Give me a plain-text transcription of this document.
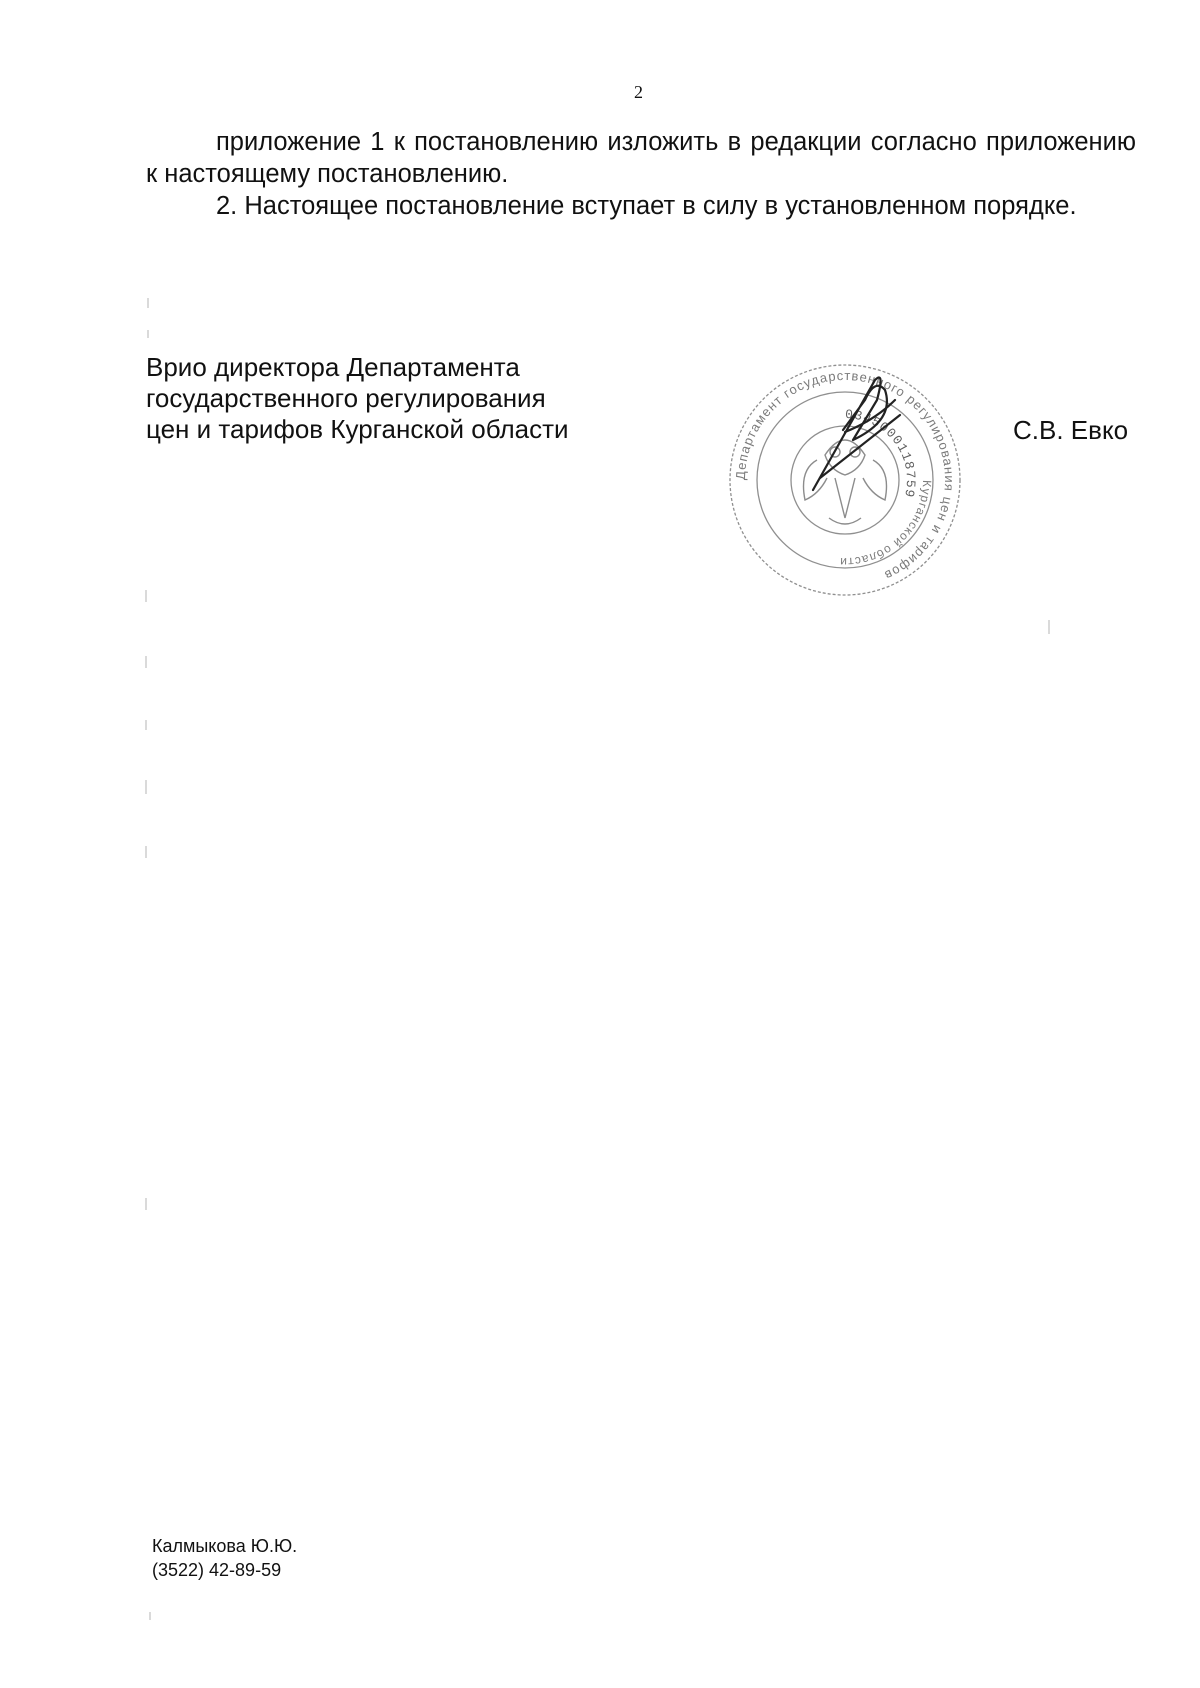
2

приложение 1 к постановлению изложить в редакции согласно приложению к настоящему постановлению.

2. Настоящее постановление вступает в силу в установленном порядке.

Врио директора Департамента
государственного регулирования
цен и тарифов Курганской области
Департамент государственного регулирования цен и тарифов
Курганской области
0345000118759
С.В. Евко
Калмыкова Ю.Ю.
(3522) 42-89-59
